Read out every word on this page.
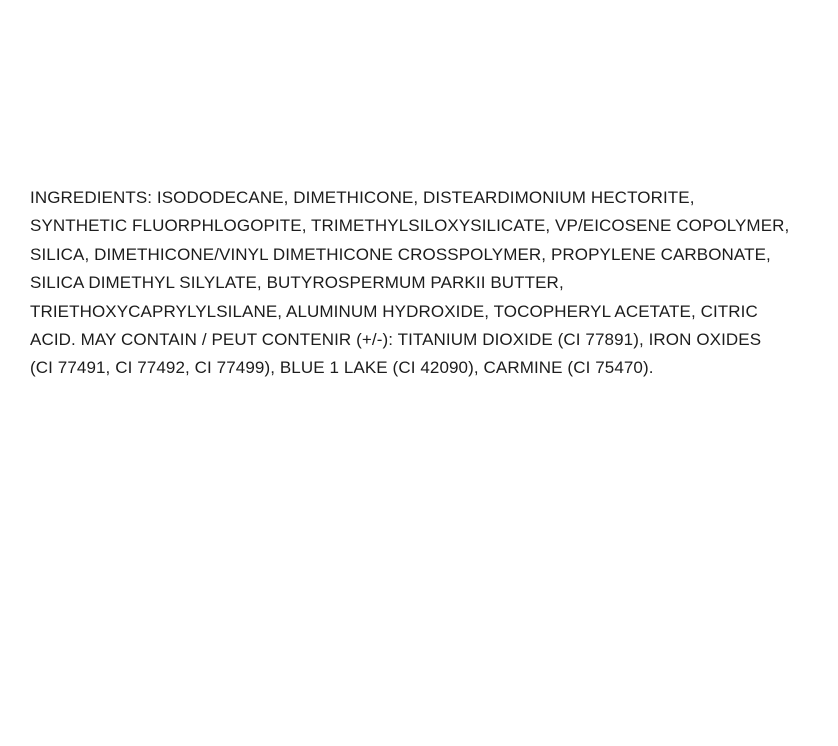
INGREDIENTS: ISODODECANE, DIMETHICONE, DISTEARDIMONIUM HECTORITE,
SYNTHETIC FLUORPHLOGOPITE, TRIMETHYLSILOXYSILICATE, VP/EICOSENE COPOLYMER,
SILICA, DIMETHICONE/VINYL DIMETHICONE CROSSPOLYMER, PROPYLENE CARBONATE,
SILICA DIMETHYL SILYLATE, BUTYROSPERMUM PARKII BUTTER,
TRIETHOXYCAPRYLYLSILANE, ALUMINUM HYDROXIDE, TOCOPHERYL ACETATE, CITRIC
ACID. MAY CONTAIN / PEUT CONTENIR (+/-): TITANIUM DIOXIDE (CI 77891), IRON OXIDES
(CI 77491, CI 77492, CI 77499), BLUE 1 LAKE (CI 42090), CARMINE (CI 75470).
